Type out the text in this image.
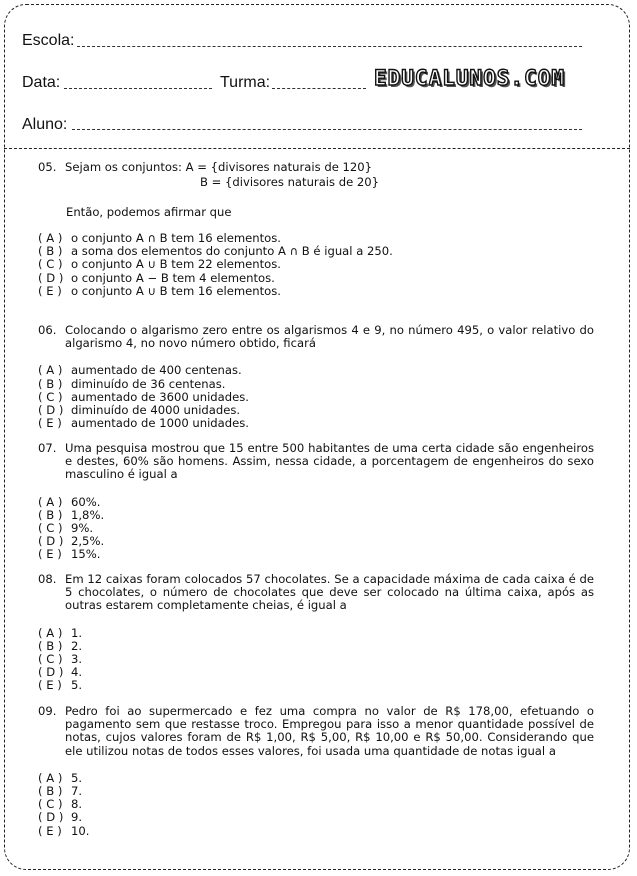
Escola:
Data:	Turma:	EDUCALUNOS.COM
Aluno:
05. Sejam os conjuntos: A = {divisores naturais de 120}
B = {divisores naturais de 20}
Então, podemos afirmar que
( A ) o conjunto A ∩ B tem 16 elementos.
( B ) a soma dos elementos do conjunto A ∩ B é igual a 250.
( C ) o conjunto A ∪ B tem 22 elementos.
( D ) o conjunto A − B tem 4 elementos.
( E ) o conjunto A ∪ B tem 16 elementos.
06. Colocando o algarismo zero entre os algarismos 4 e 9, no número 495, o valor relativo do algarismo 4, no novo número obtido, ficará
( A ) aumentado de 400 centenas.
( B ) diminuído de 36 centenas.
( C ) aumentado de 3600 unidades.
( D ) diminuído de 4000 unidades.
( E ) aumentado de 1000 unidades.
07. Uma pesquisa mostrou que 15 entre 500 habitantes de uma certa cidade são engenheiros e destes, 60% são homens. Assim, nessa cidade, a porcentagem de engenheiros do sexo masculino é igual a
( A ) 60%.
( B ) 1,8%.
( C ) 9%.
( D ) 2,5%.
( E ) 15%.
08. Em 12 caixas foram colocados 57 chocolates. Se a capacidade máxima de cada caixa é de 5 chocolates, o número de chocolates que deve ser colocado na última caixa, após as outras estarem completamente cheias, é igual a
( A ) 1.
( B ) 2.
( C ) 3.
( D ) 4.
( E ) 5.
09. Pedro foi ao supermercado e fez uma compra no valor de R$ 178,00, efetuando o pagamento sem que restasse troco. Empregou para isso a menor quantidade possível de notas, cujos valores foram de R$ 1,00, R$ 5,00, R$ 10,00 e R$ 50,00. Considerando que ele utilizou notas de todos esses valores, foi usada uma quantidade de notas igual a
( A ) 5.
( B ) 7.
( C ) 8.
( D ) 9.
( E ) 10.
